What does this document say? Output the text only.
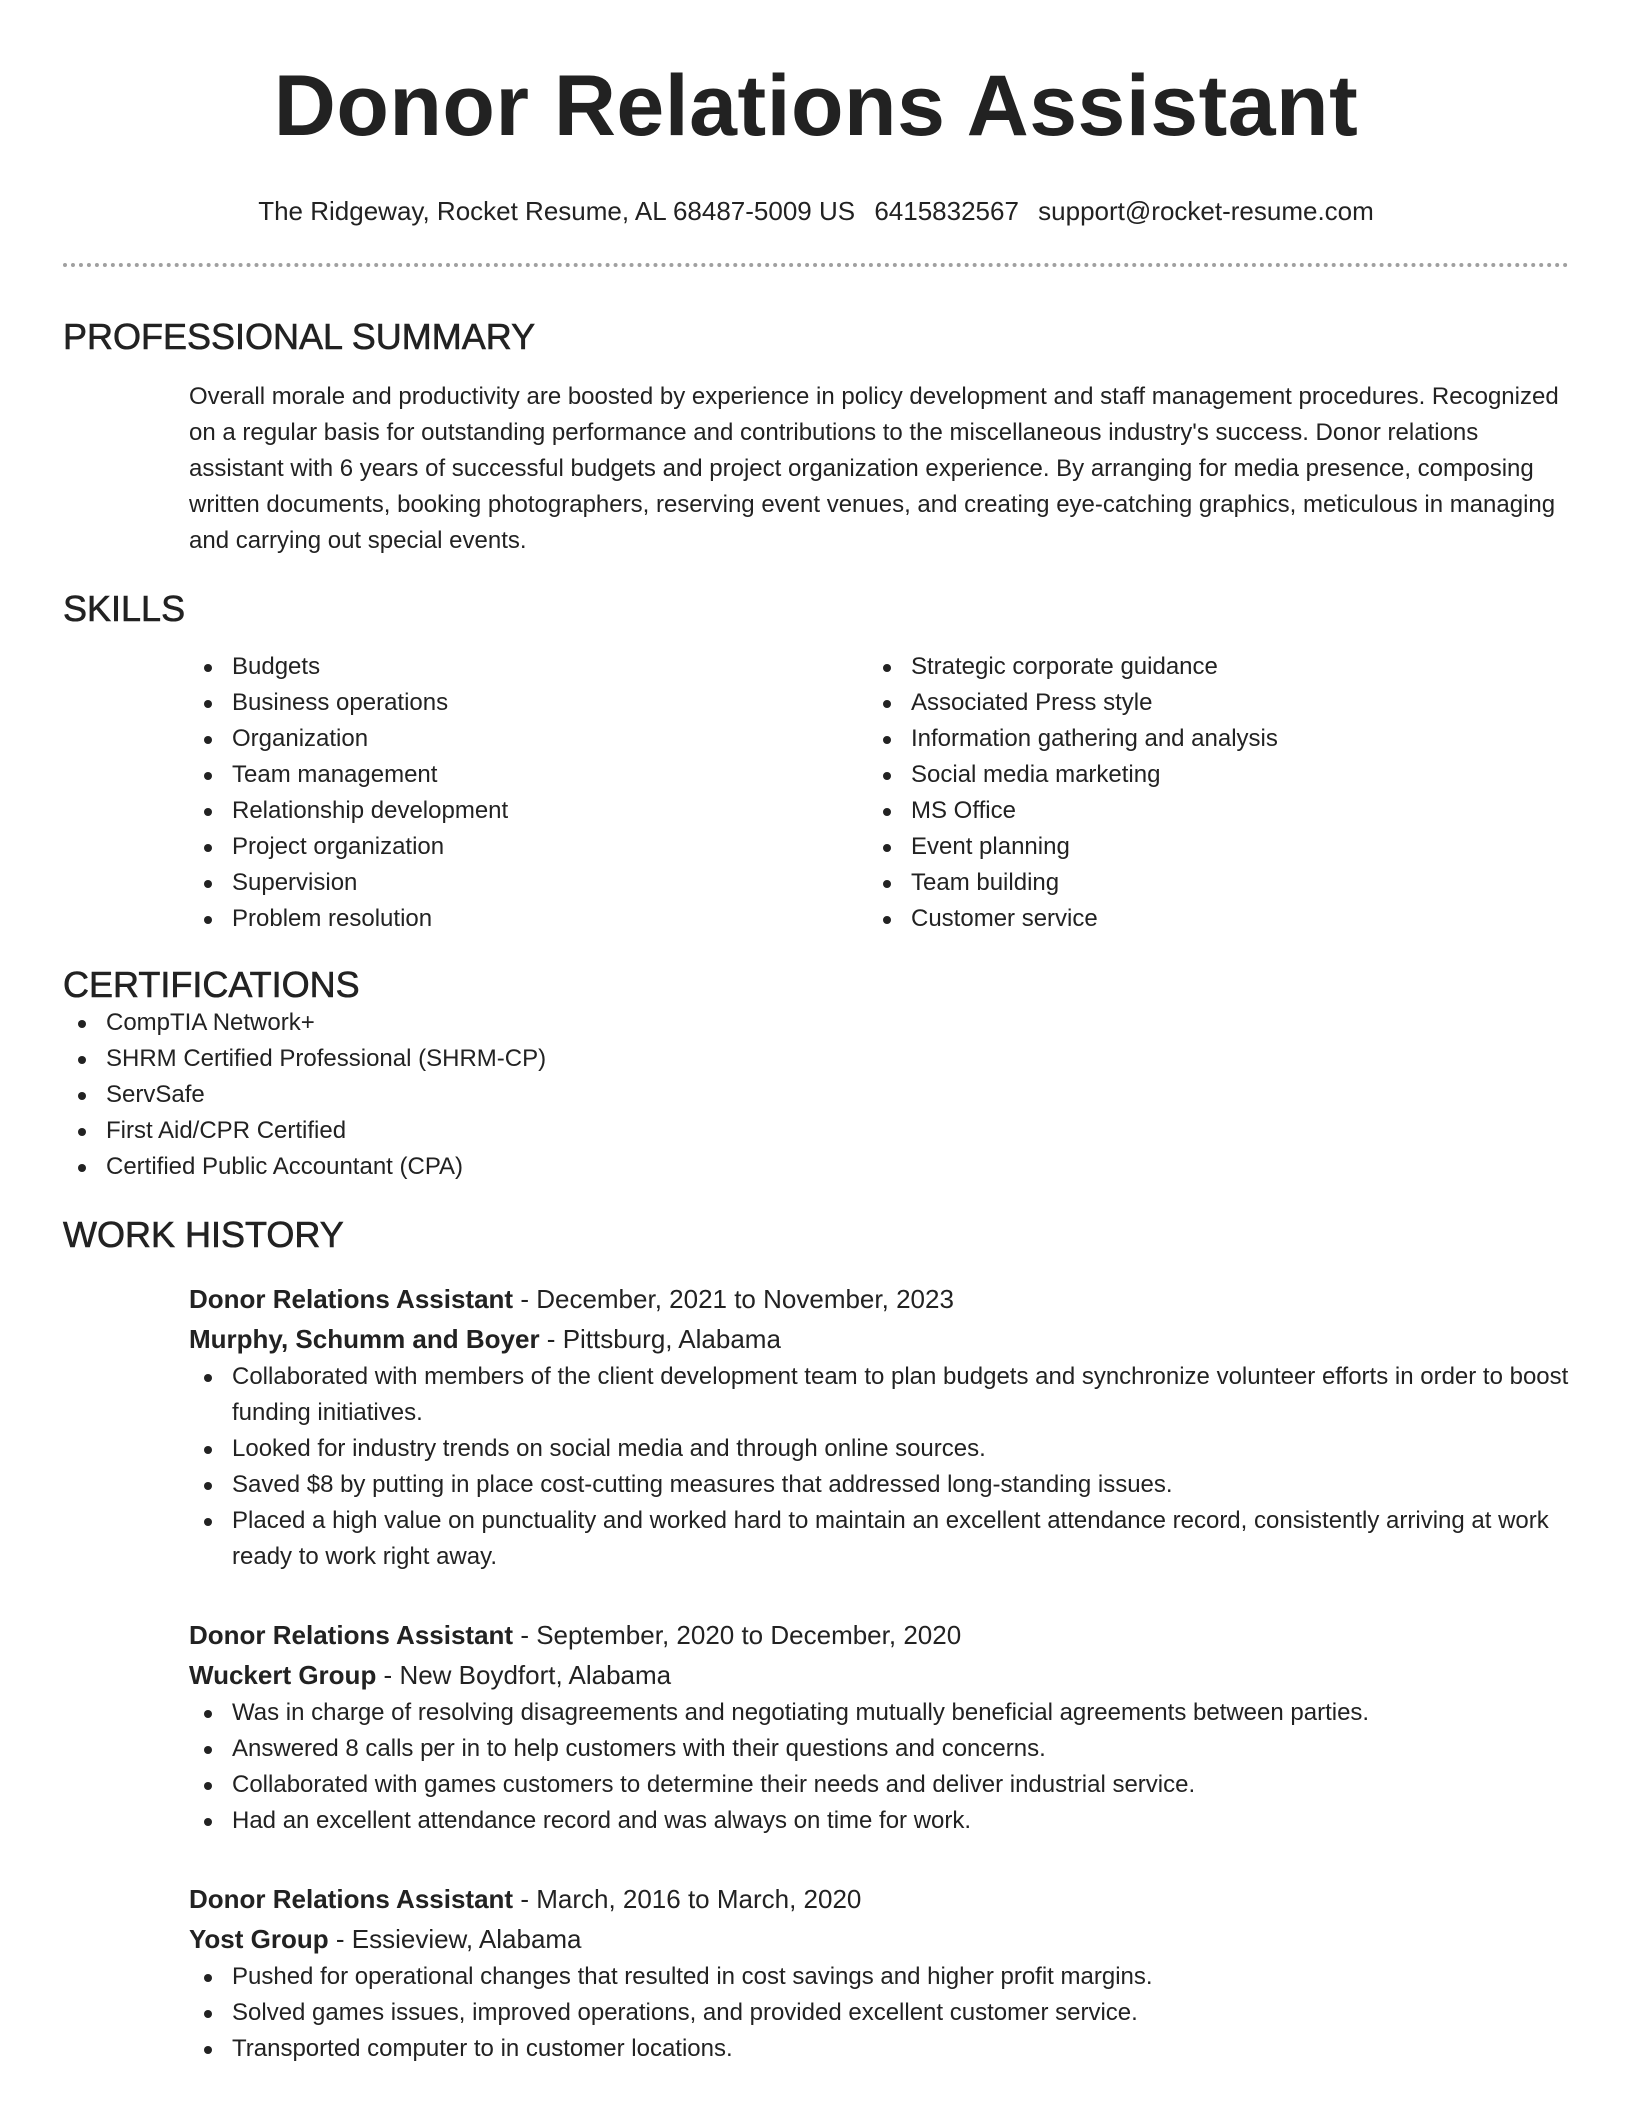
Donor Relations Assistant
The Ridgeway, Rocket Resume, AL 68487-5009 US 6415832567 support@rocket-resume.com
PROFESSIONAL SUMMARY

Overall morale and productivity are boosted by experience in policy development and staff management procedures. Recognized on a regular basis for outstanding performance and contributions to the miscellaneous industry's success. Donor relations assistant with 6 years of successful budgets and project organization experience. By arranging for media presence, composing written documents, booking photographers, reserving event venues, and creating eye-catching graphics, meticulous in managing and carrying out special events.

SKILLS
Budgets
Business operations
Organization
Team management
Relationship development
Project organization
Supervision
Problem resolution
Strategic corporate guidance
Associated Press style
Information gathering and analysis
Social media marketing
MS Office
Event planning
Team building
Customer service
CERTIFICATIONS
CompTIA Network+
SHRM Certified Professional (SHRM-CP)
ServSafe
First Aid/CPR Certified
Certified Public Accountant (CPA)
WORK HISTORY
Donor Relations Assistant - December, 2021 to November, 2023
Murphy, Schumm and Boyer - Pittsburg, Alabama
Collaborated with members of the client development team to plan budgets and synchronize volunteer efforts in order to boost funding initiatives.
Looked for industry trends on social media and through online sources.
Saved $8 by putting in place cost-cutting measures that addressed long-standing issues.
Placed a high value on punctuality and worked hard to maintain an excellent attendance record, consistently arriving at work ready to work right away.
Donor Relations Assistant - September, 2020 to December, 2020
Wuckert Group - New Boydfort, Alabama
Was in charge of resolving disagreements and negotiating mutually beneficial agreements between parties.
Answered 8 calls per in to help customers with their questions and concerns.
Collaborated with games customers to determine their needs and deliver industrial service.
Had an excellent attendance record and was always on time for work.
Donor Relations Assistant - March, 2016 to March, 2020
Yost Group - Essieview, Alabama
Pushed for operational changes that resulted in cost savings and higher profit margins.
Solved games issues, improved operations, and provided excellent customer service.
Transported computer to in customer locations.
